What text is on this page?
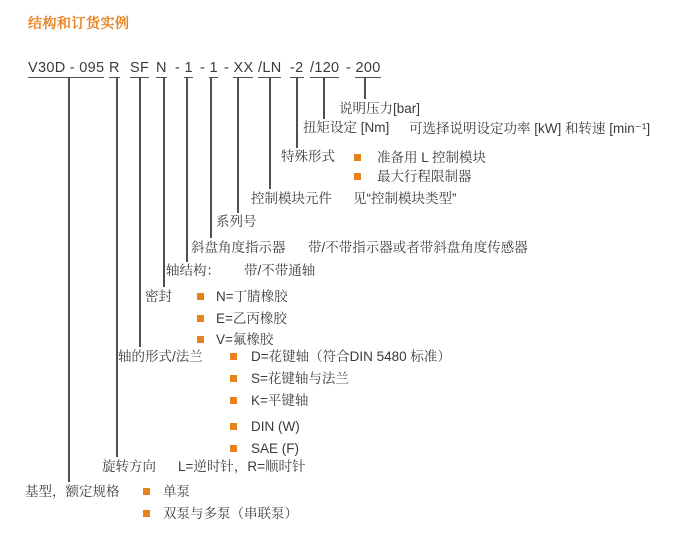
结构和订货实例
V30D - 095 R SF N - 1 - 1 - XX /LN -2 /120 - 200
说明压力[bar]
扭矩设定 [Nm] 可选择说明设定功率 [kW] 和转速 [min⁻¹]
特殊形式	准备用 L 控制模块
最大行程限制器
控制模块元件 见“控制模块类型”
系列号
斜盘角度指示器 带/不带指示器或者带斜盘角度传感器
轴结构： 带/不带通轴
密封	N=丁腈橡胶
E=乙丙橡胶
V=氟橡胶
轴的形式/法兰	D=花键轴（符合DIN 5480 标准）
S=花键轴与法兰
K=平键轴
DIN (W)
SAE (F)
旋转方向 L=逆时针，R=顺时针
基型，额定规格	单泵
双泵与多泵（串联泵）
